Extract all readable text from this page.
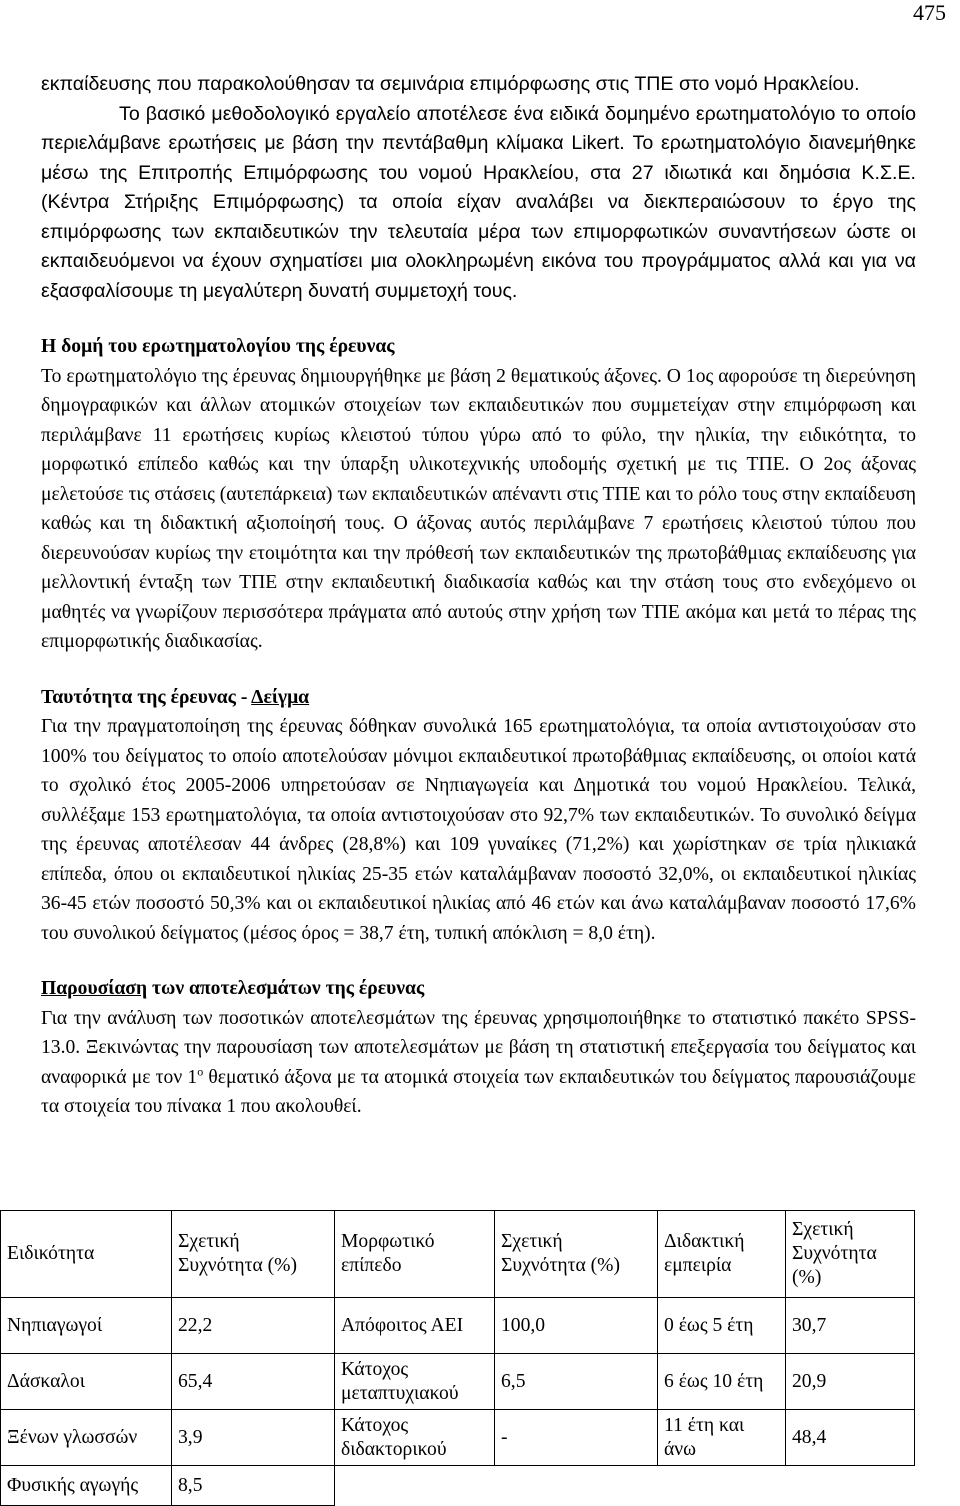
475

εκπαίδευσης που παρακολούθησαν τα σεμινάρια επιμόρφωσης στις ΤΠΕ στο νομό Ηρακλείου.

Το βασικό μεθοδολογικό εργαλείο αποτέλεσε ένα ειδικά δομημένο ερωτηματολόγιο το οποίο περιελάμβανε ερωτήσεις με βάση την πεντάβαθμη κλίμακα Likert. Το ερωτηματολόγιο διανεμήθηκε μέσω της Επιτροπής Επιμόρφωσης του νομού Ηρακλείου, στα 27 ιδιωτικά και δημόσια Κ.Σ.Ε. (Κέντρα Στήριξης Επιμόρφωσης) τα οποία είχαν αναλάβει να διεκπεραιώσουν το έργο της επιμόρφωσης των εκπαιδευτικών την τελευταία μέρα των επιμορφωτικών συναντήσεων ώστε οι εκπαιδευόμενοι να έχουν σχηματίσει μια ολοκληρωμένη εικόνα του προγράμματος αλλά και για να εξασφαλίσουμε τη μεγαλύτερη δυνατή συμμετοχή τους.

Η δομή του ερωτηματολογίου της έρευνας

Το ερωτηματολόγιο της έρευνας δημιουργήθηκε με βάση 2 θεματικούς άξονες. Ο 1ος αφορούσε τη διερεύνηση δημογραφικών και άλλων ατομικών στοιχείων των εκπαιδευτικών που συμμετείχαν στην επιμόρφωση και περιλάμβανε 11 ερωτήσεις κυρίως κλειστού τύπου γύρω από το φύλο, την ηλικία, την ειδικότητα, το μορφωτικό επίπεδο καθώς και την ύπαρξη υλικοτεχνικής υποδομής σχετική με τις ΤΠΕ. Ο 2ος άξονας μελετούσε τις στάσεις (αυτεπάρκεια) των εκπαιδευτικών απέναντι στις ΤΠΕ και το ρόλο τους στην εκπαίδευση καθώς και τη διδακτική αξιοποίησή τους. Ο άξονας αυτός περιλάμβανε 7 ερωτήσεις κλειστού τύπου που διερευνούσαν κυρίως την ετοιμότητα και την πρόθεσή των εκπαιδευτικών της πρωτοβάθμιας εκπαίδευσης για μελλοντική ένταξη των ΤΠΕ στην εκπαιδευτική διαδικασία καθώς και την στάση τους στο ενδεχόμενο οι μαθητές να γνωρίζουν περισσότερα πράγματα από αυτούς στην χρήση των ΤΠΕ ακόμα και μετά το πέρας της επιμορφωτικής διαδικασίας.

Ταυτότητα της έρευνας - Δείγμα

Για την πραγματοποίηση της έρευνας δόθηκαν συνολικά 165 ερωτηματολόγια, τα οποία αντιστοιχούσαν στο 100% του δείγματος το οποίο αποτελούσαν μόνιμοι εκπαιδευτικοί πρωτοβάθμιας εκπαίδευσης, οι οποίοι κατά το σχολικό έτος 2005-2006 υπηρετούσαν σε Νηπιαγωγεία και Δημοτικά του νομού Ηρακλείου. Τελικά, συλλέξαμε 153 ερωτηματολόγια, τα οποία αντιστοιχούσαν στο 92,7% των εκπαιδευτικών. Το συνολικό δείγμα της έρευνας αποτέλεσαν 44 άνδρες (28,8%) και 109 γυναίκες (71,2%) και χωρίστηκαν σε τρία ηλικιακά επίπεδα, όπου οι εκπαιδευτικοί ηλικίας 25-35 ετών καταλάμβαναν ποσοστό 32,0%, οι εκπαιδευτικοί ηλικίας 36-45 ετών ποσοστό 50,3% και οι εκπαιδευτικοί ηλικίας από 46 ετών και άνω καταλάμβαναν ποσοστό 17,6% του συνολικού δείγματος (μέσος όρος = 38,7 έτη, τυπική απόκλιση = 8,0 έτη).

Παρουσίαση των αποτελεσμάτων της έρευνας

Για την ανάλυση των ποσοτικών αποτελεσμάτων της έρευνας χρησιμοποιήθηκε το στατιστικό πακέτο SPSS-13.0. Ξεκινώντας την παρουσίαση των αποτελεσμάτων με βάση τη στατιστική επεξεργασία του δείγματος και αναφορικά με τον $1^o$ θεματικό άξονα με τα ατομικά στοιχεία των εκπαιδευτικών του δείγματος παρουσιάζουμε τα στοιχεία του πίνακα 1 που ακολουθεί.

Ειδικότητα	Σχετική Συχνότητα (%)	Μορφωτικό επίπεδο	Σχετική Συχνότητα (%)	Διδακτική εμπειρία	Σχετική Συχνότητα (%)
Νηπιαγωγοί	22,2	Απόφοιτος ΑΕΙ	100,0	0 έως 5 έτη	30,7
Δάσκαλοι	65,4	Κάτοχος μεταπτυχιακού	6,5	6 έως 10 έτη	20,9
Ξένων γλωσσών	3,9	Κάτοχος διδακτορικού	-	11 έτη και άνω	48,4
Φυσικής αγωγής	8,5				
